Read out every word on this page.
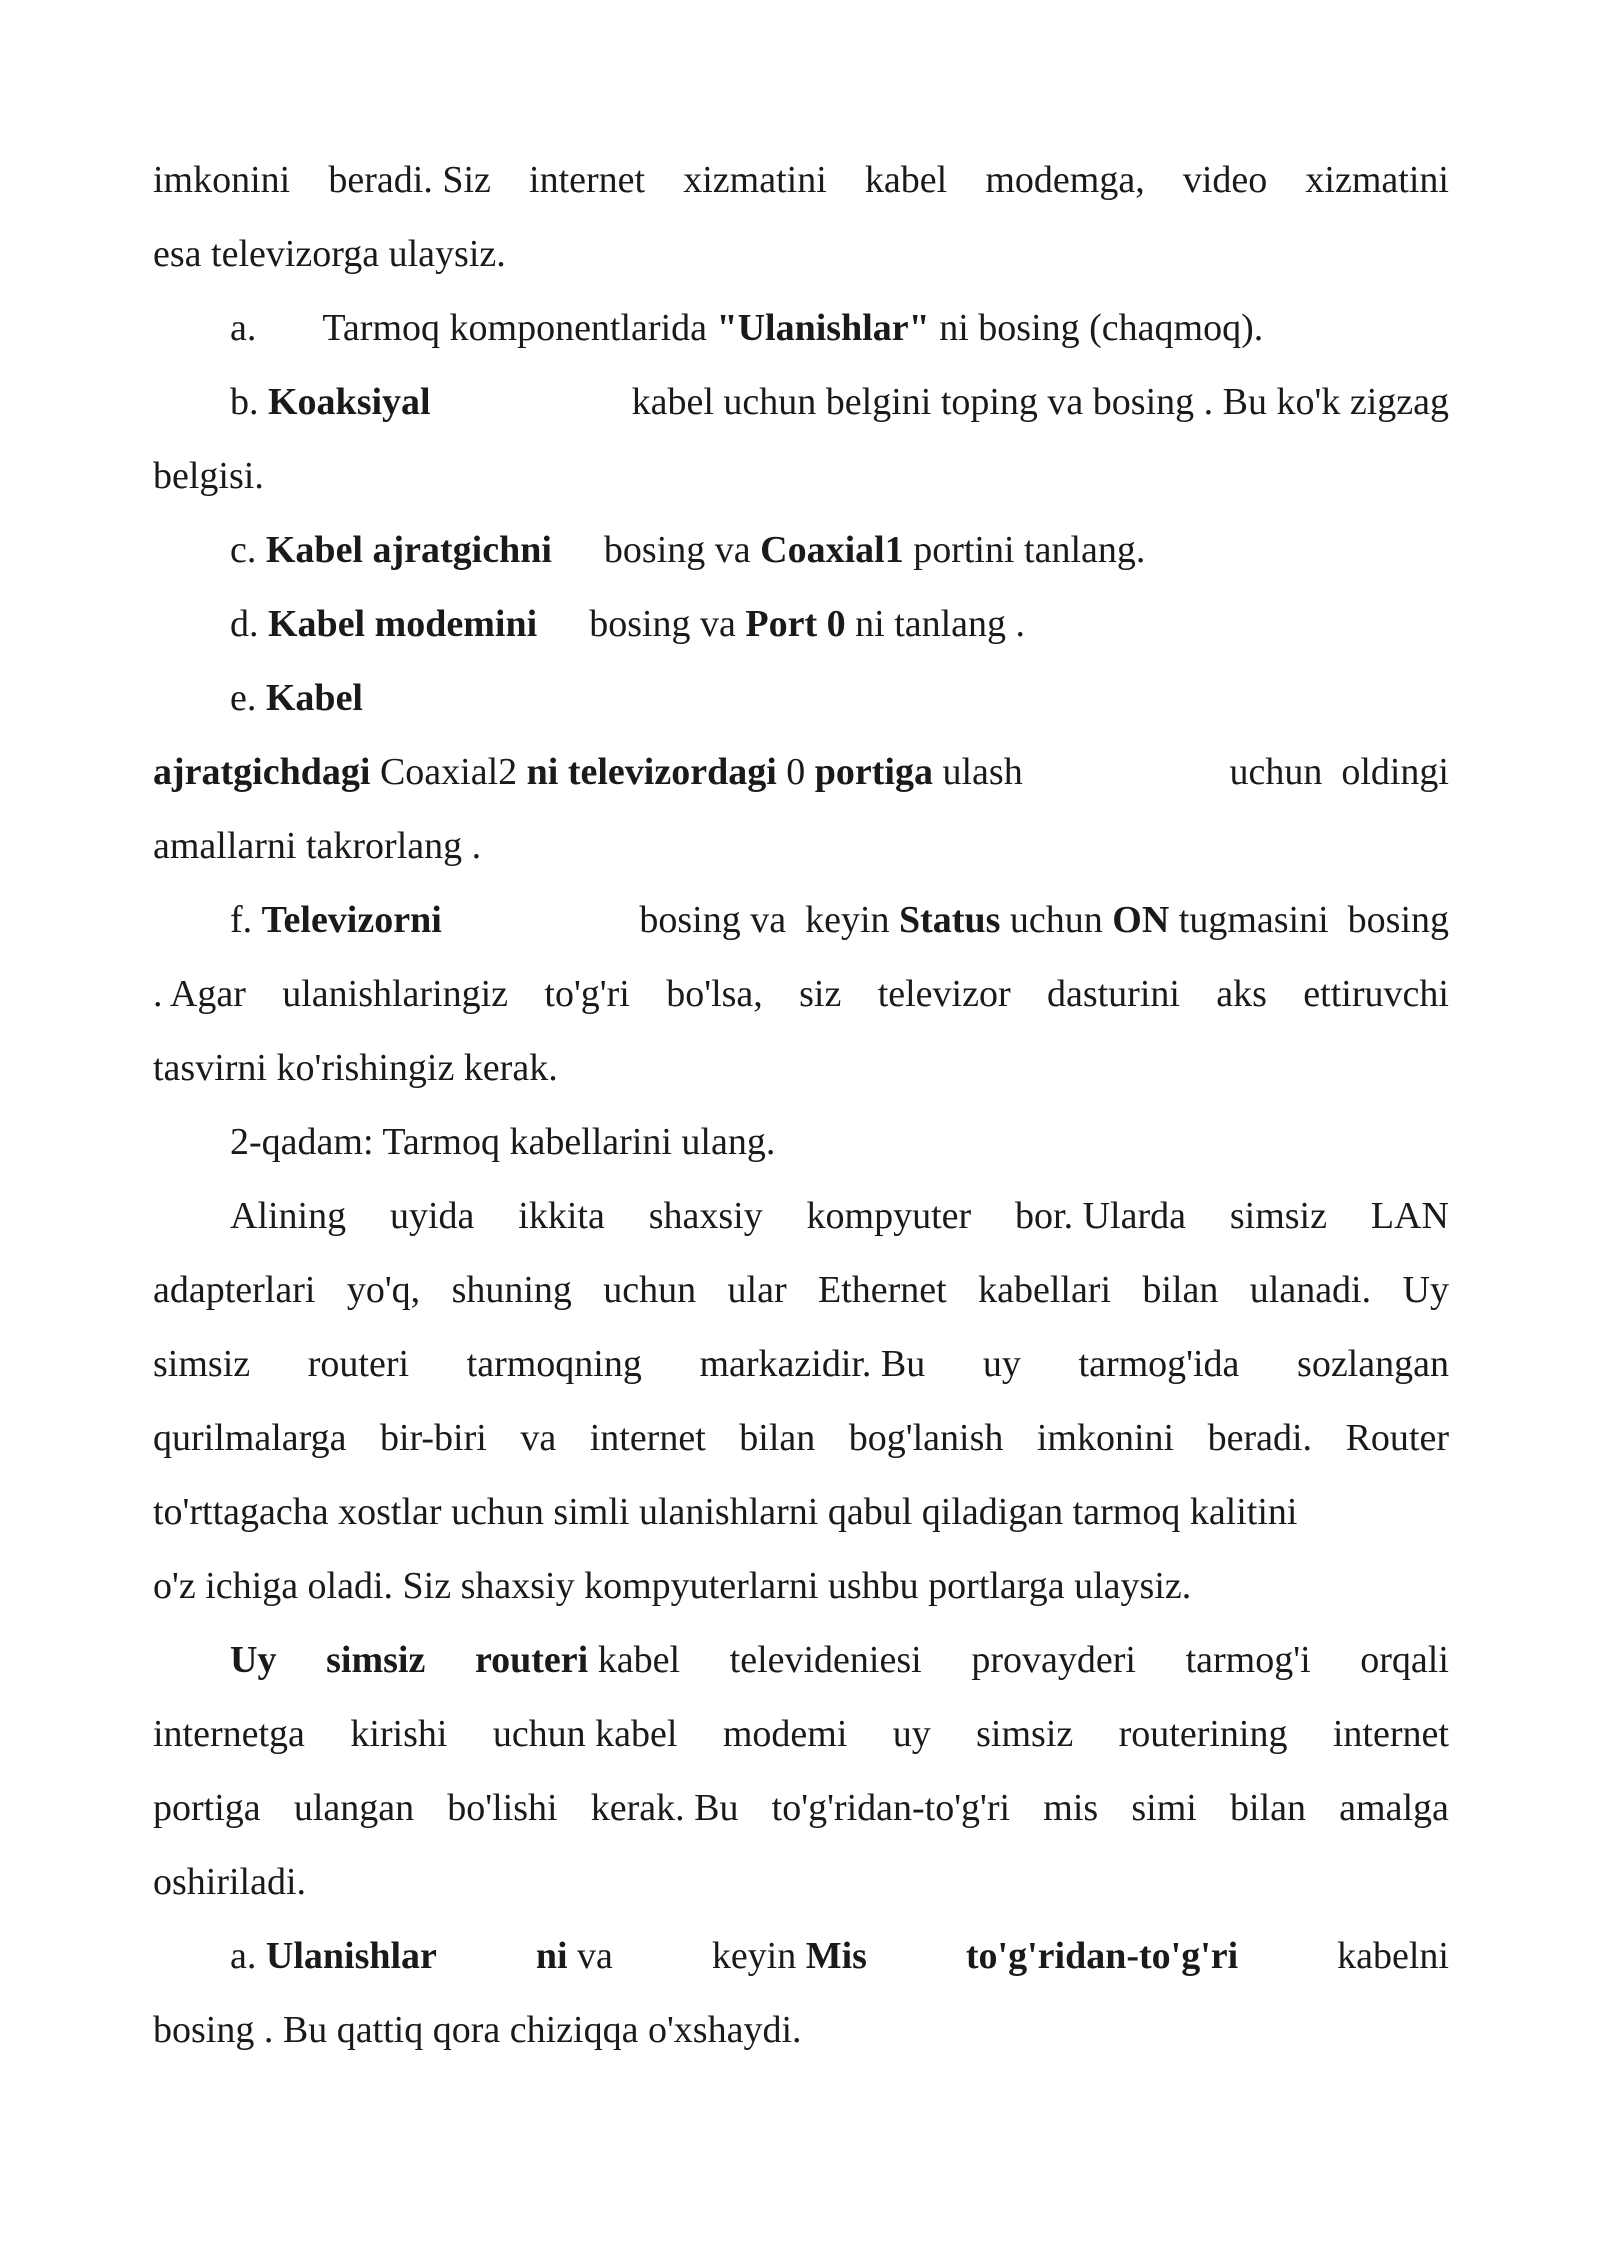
imkonini beradi. Siz internet xizmatini kabel modemga, video xizmatini
esa televizorga ulaysiz.
a. Tarmoq komponentlarida "Ulanishlar" ni bosing (chaqmoq).
b. Koaksiyal	kabel uchun belgini toping va bosing . Bu ko'k zigzag
belgisi.
c. Kabel ajratgichni bosing va Coaxial1 portini tanlang.
d. Kabel modemini bosing va Port 0 ni tanlang .
e. Kabel
ajratgichdagi Coaxial2 ni televizordagi 0 portiga ulash	uchun  oldingi
amallarni takrorlang .
f. Televizorni	bosing va  keyin Status uchun ON tugmasini  bosing
. Agar ulanishlaringiz to'g'ri bo'lsa, siz televizor dasturini aks ettiruvchi
tasvirni ko'rishingiz kerak.
2-qadam: Tarmoq kabellarini ulang.
Alining uyida ikkita shaxsiy kompyuter bor. Ularda simsiz LAN
adapterlari yo'q, shuning uchun ular Ethernet kabellari bilan ulanadi. Uy
simsiz routeri tarmoqning markazidir. Bu uy tarmog'ida sozlangan
qurilmalarga bir-biri va internet bilan bog'lanish imkonini beradi. Router
to'rttagacha xostlar uchun simli ulanishlarni qabul qiladigan tarmoq kalitini
o'z ichiga oladi. Siz shaxsiy kompyuterlarni ushbu portlarga ulaysiz.
Uy simsiz routeri kabel televideniesi provayderi tarmog'i orqali
internetga kirishi uchun kabel modemi uy simsiz routerining internet
portiga ulangan bo'lishi kerak. Bu to'g'ridan-to'g'ri mis simi bilan amalga
oshiriladi.
a. Ulanishlar	ni va	keyin Mis	to'g'ridan-to'g'ri	kabelni
bosing . Bu qattiq qora chiziqqa o'xshaydi.
